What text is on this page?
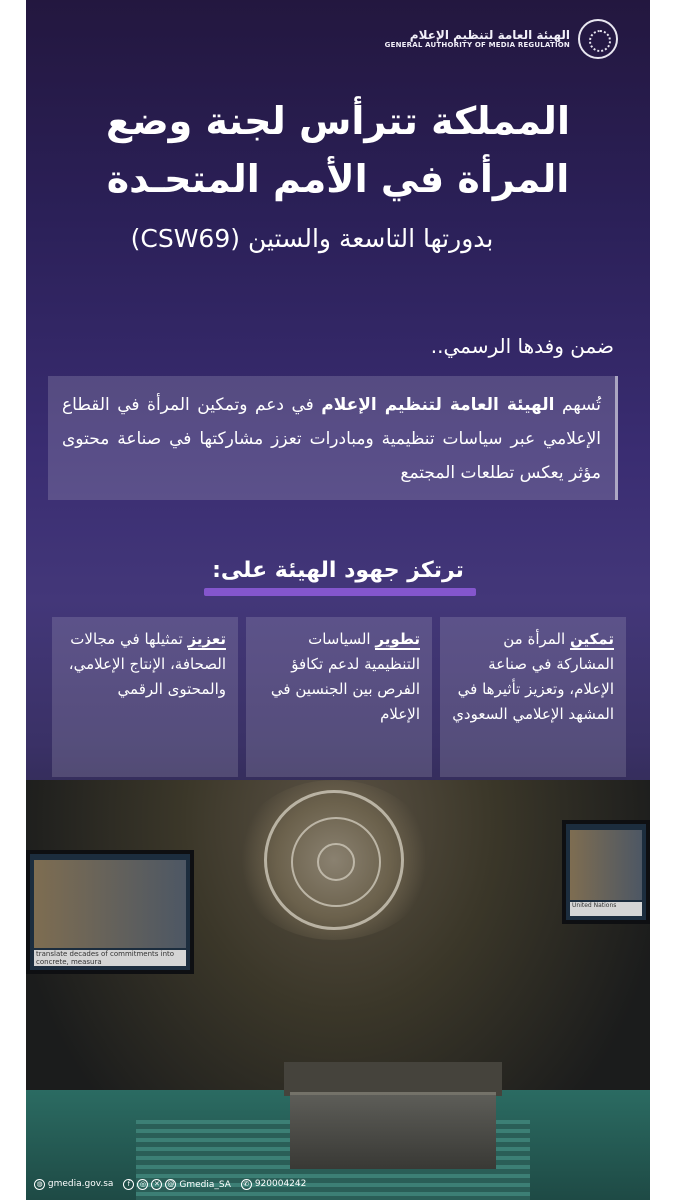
الهيئة العامة لتنظيم الإعلام
GENERAL AUTHORITY OF MEDIA REGULATION
المملكة تترأس لجنة وضع
المرأة في الأمم المتحـدة
بدورتها التاسعة والستين (CSW69)
ضمن وفدها الرسمي..
تُسهم الهيئة العامة لتنظيم الإعلام في دعم وتمكين المرأة في القطاع الإعلامي عبر سياسات تنظيمية ومبادرات تعزز مشاركتها في صناعة محتوى مؤثر يعكس تطلعات المجتمع
ترتكز جهود الهيئة على:
تمكين المرأة من المشاركة في صناعة الإعلام، وتعزيز تأثيرها في المشهد الإعلامي السعودي
تطوير السياسات التنظيمية لدعم تكافؤ الفرص بين الجنسين في الإعلام
تعزيز تمثيلها في مجالات الصحافة، الإنتاج الإعلامي، والمحتوى الرقمي
translate decades of commitments into concrete, measura
United Nations
◍ gmedia.gov.sa	f	◎	✕	@ Gmedia_SA	✆ 920004242
